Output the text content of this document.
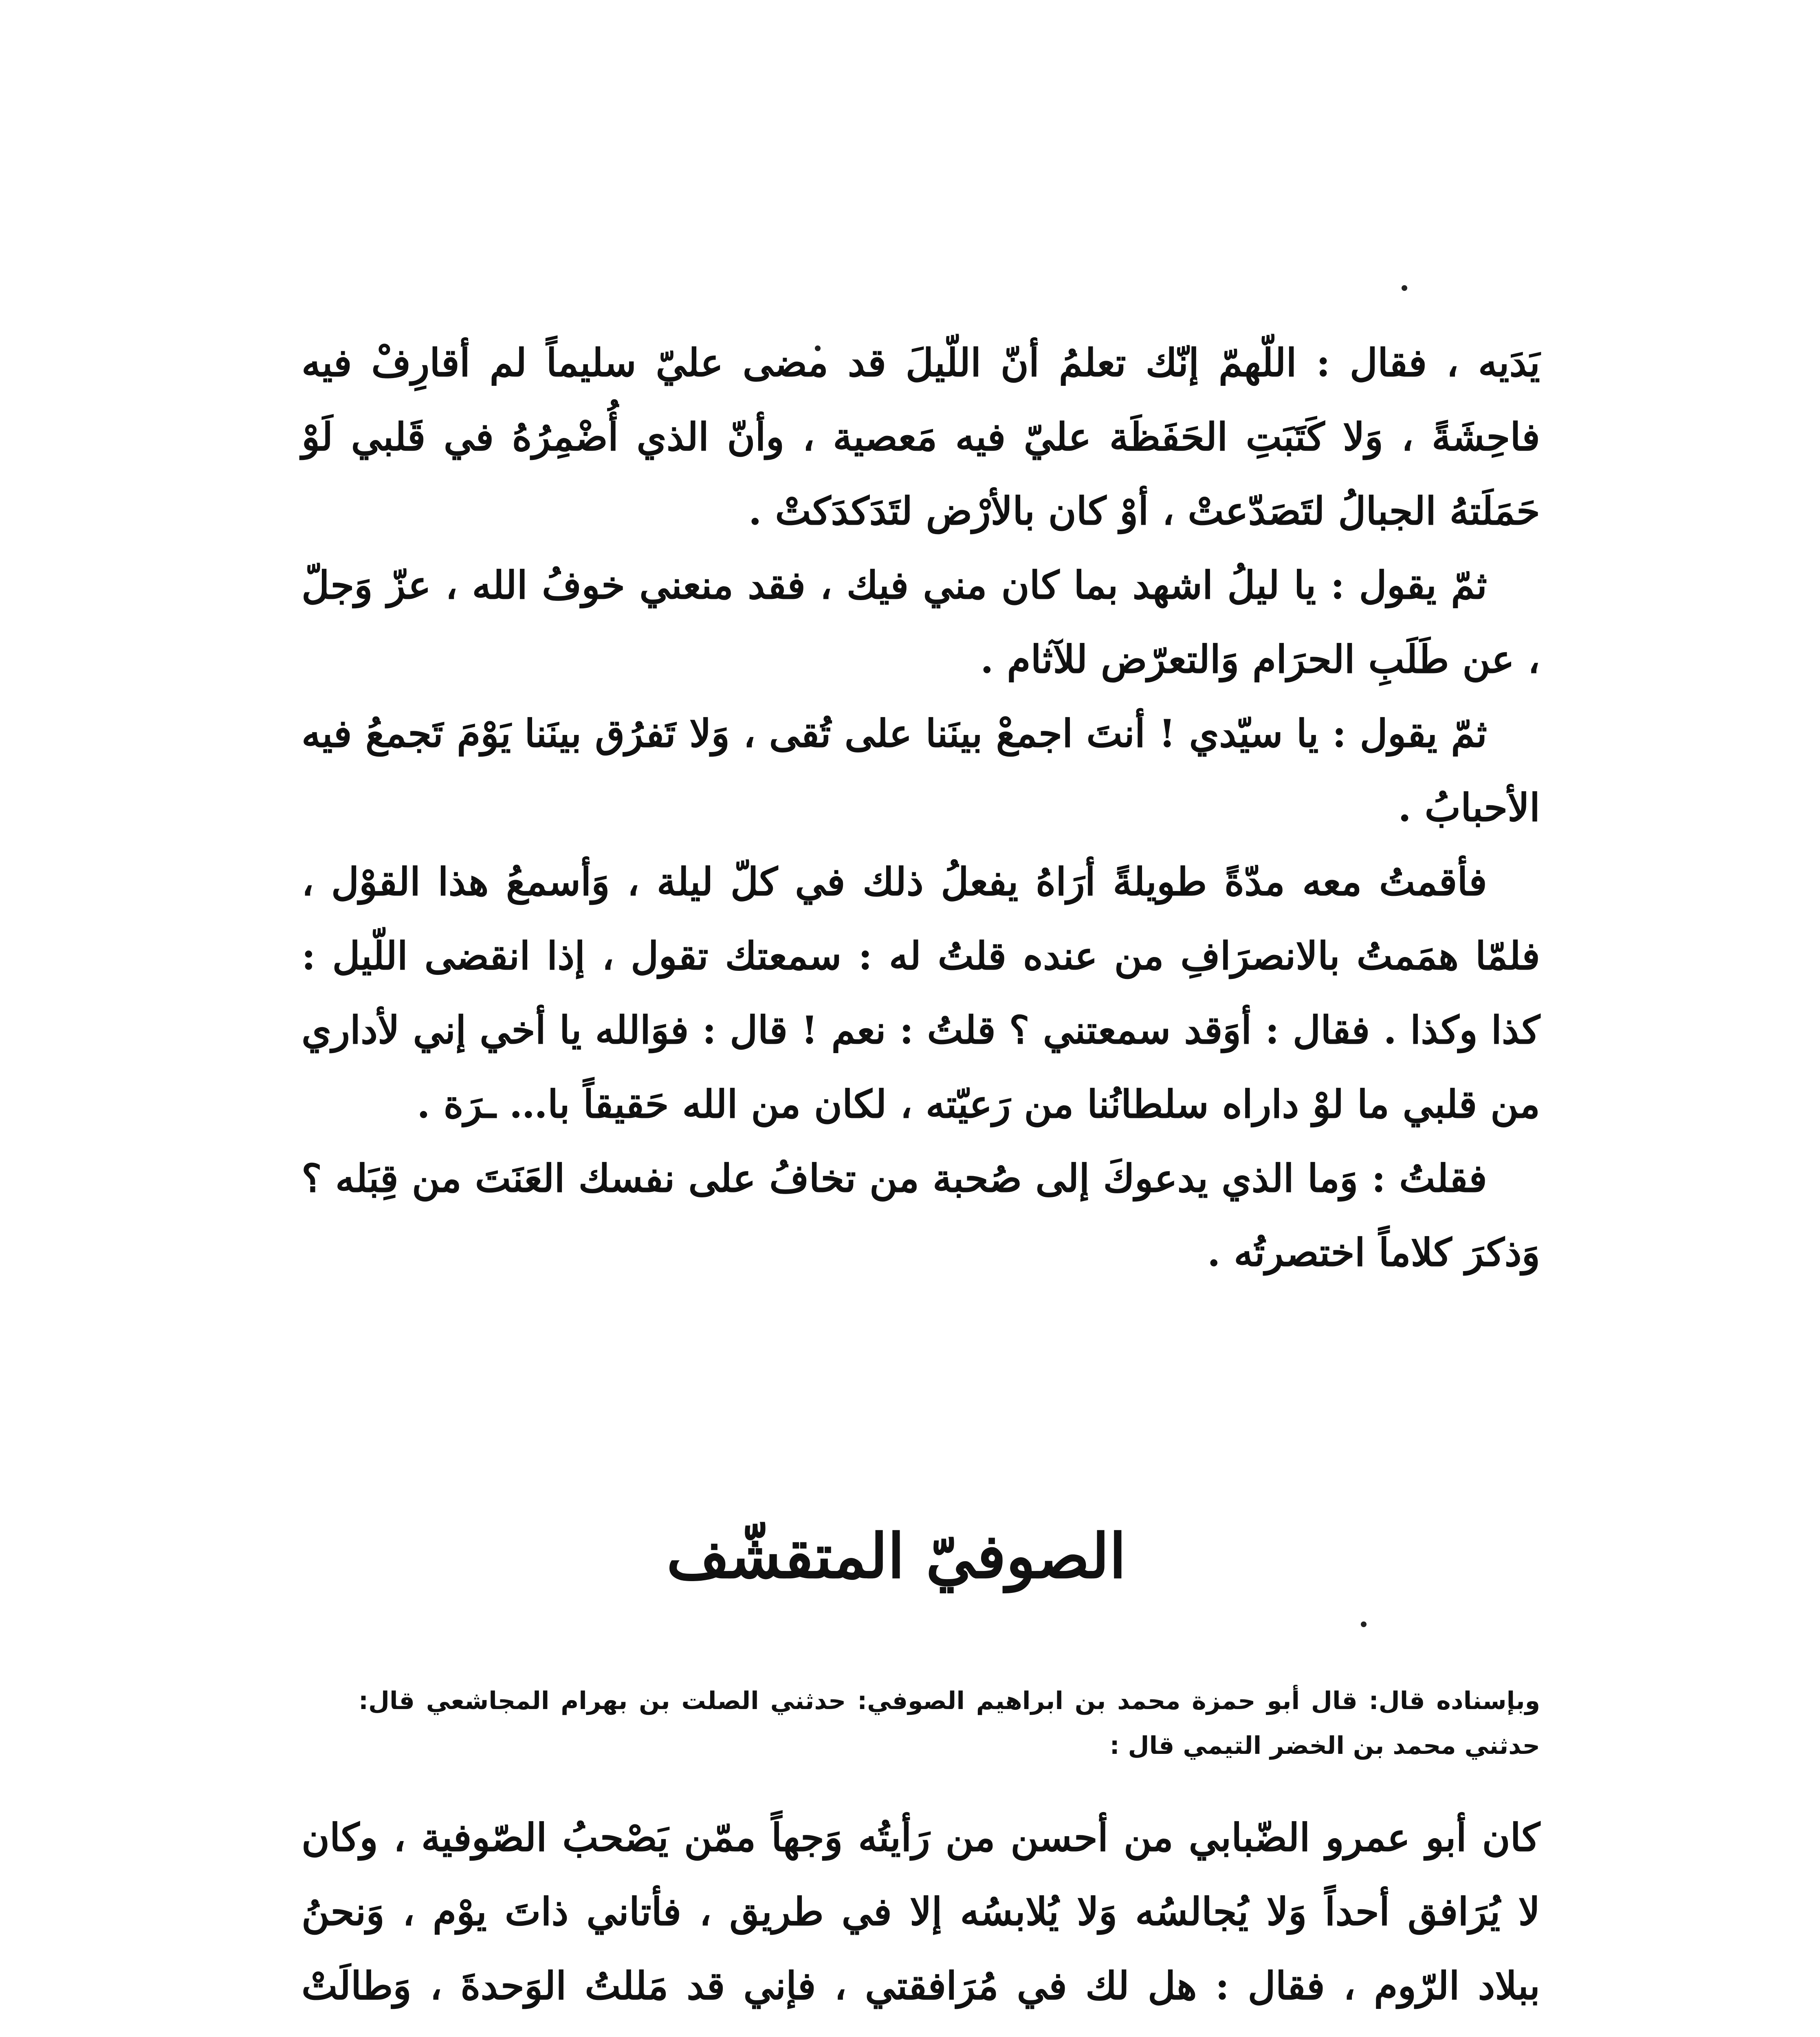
يَدَيه ، فقال : اللّهمّ إنّك تعلمُ أنّ اللّيلَ قد مضى عليّ سليماً لم أقارِفْ فيه فاحِشَةً ، وَلا كَتَبَتِ الحَفَظَة عليّ فيه مَعصية ، وأنّ الذي أُضْمِرُهُ في قَلبي لَوْ حَمَلَتهُ الجبالُ لتَصَدّعتْ ، أوْ كان بالأرْض لتَدَكدَكتْ .

ثمّ يقول : يا ليلُ اشهد بما كان مني فيك ، فقد منعني خوفُ الله ، عزّ وَجلّ ، عن طَلَبِ الحرَام وَالتعرّض للآثام .

ثمّ يقول : يا سيّدي ! أنتَ اجمعْ بينَنا على تُقى ، وَلا تَفرُق بينَنا يَوْمَ تَجمعُ فيه الأحبابُ .

فأقمتُ معه مدّةً طويلةً أرَاهُ يفعلُ ذلك في كلّ ليلة ، وَأسمعُ هذا القوْل ، فلمّا همَمتُ بالانصرَافِ من عنده قلتُ له : سمعتك تقول ، إذا انقضى اللّيل : كذا وكذا . فقال : أوَقد سمعتني ؟ قلتُ : نعم ! قال : فوَالله يا أخي إني لأداري من قلبي ما لوْ داراه سلطانُنا من رَعيّته ، لكان من الله حَقيقاً با… ـرَة .

فقلتُ : وَما الذي يدعوكَ إلى صُحبة من تخافُ على نفسك العَنَتَ من قِبَله ؟ وَذكرَ كلاماً اختصرتُه .

الصوفيّ المتقشّف

وبإسناده قال: قال أبو حمزة محمد بن ابراهيم الصوفي: حدثني الصلت بن بهرام المجاشعي قال: حدثني محمد بن الخضر التيمي قال :

كان أبو عمرو الضّبابي من أحسن من رَأيتُه وَجهاً ممّن يَصْحبُ الصّوفية ، وكان لا يُرَافق أحداً وَلا يُجالسُه وَلا يُلابسُه إلا في طريق ، فأتاني ذاتَ يوْم ، وَنحنُ ببلاد الرّوم ، فقال : هل لك في مُرَافقتي ، فإني قد مَللتُ الوَحدةَ ، وَطالَتْ
